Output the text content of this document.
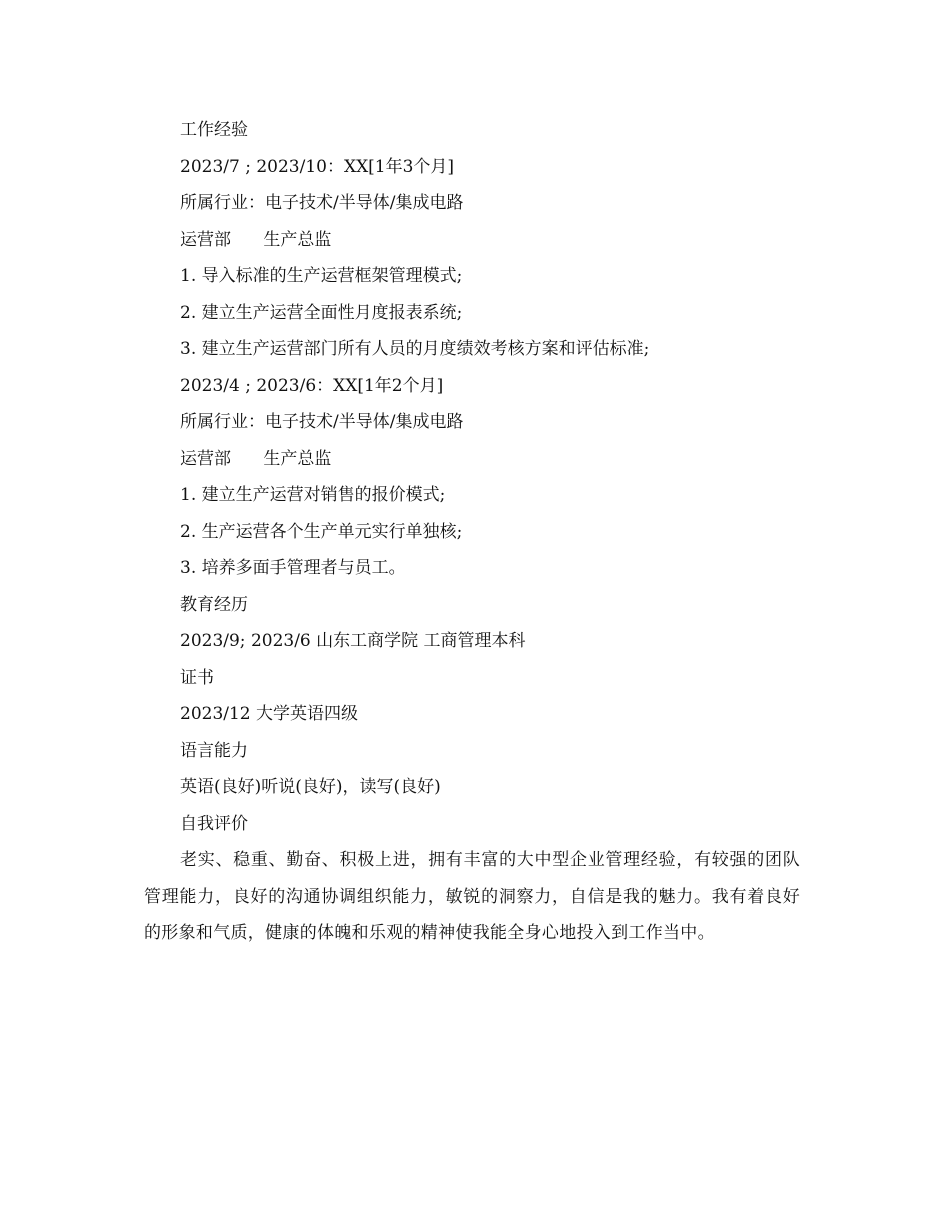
工作经验

2023/7 ; 2023/10：XX[1年3个月]

所属行业：电子技术/半导体/集成电路

运营部      生产总监

1. 导入标准的生产运营框架管理模式;

2. 建立生产运营全面性月度报表系统;

3. 建立生产运营部门所有人员的月度绩效考核方案和评估标准;

2023/4 ; 2023/6：XX[1年2个月]

所属行业：电子技术/半导体/集成电路

运营部      生产总监

1. 建立生产运营对销售的报价模式;

2. 生产运营各个生产单元实行单独核;

3. 培养多面手管理者与员工。

教育经历

2023/9; 2023/6 山东工商学院 工商管理本科

证书

2023/12 大学英语四级

语言能力

英语(良好)听说(良好)，读写(良好)

自我评价

老实、稳重、勤奋、积极上进，拥有丰富的大中型企业管理经验，有较强的团队管理能力，良好的沟通协调组织能力，敏锐的洞察力，自信是我的魅力。我有着良好的形象和气质，健康的体魄和乐观的精神使我能全身心地投入到工作当中。
